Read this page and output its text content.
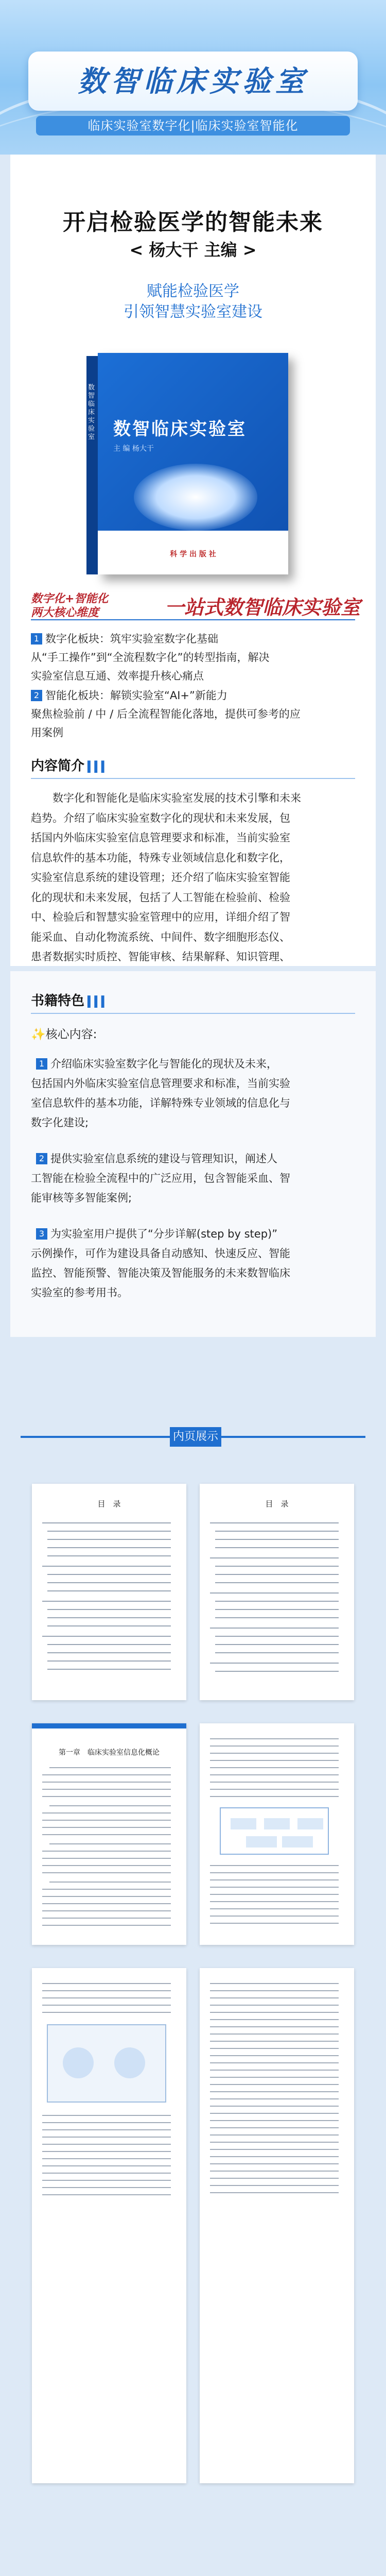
数智临床实验室
临床实验室数字化|临床实验室智能化
开启检验医学的智能未来
< 杨大干 主编 >
赋能检验医学
引领智慧实验室建设
数智临床实验室 数智临床实验室
主 编 杨大干
科 学 出 版 社
数字化+智能化
两大核心维度	一站式数智临床实验室
1 数字化板块：筑牢实验室数字化基础
从“手工操作”到“全流程数字化”的转型指南，解决
实验室信息互通、效率提升核心痛点
2 智能化板块：解锁实验室“AI+”新能力
聚焦检验前 / 中 / 后全流程智能化落地，提供可参考的应
用案例
内容简介 ▍▍▍
数字化和智能化是临床实验室发展的技术引擎和未来
趋势。介绍了临床实验室数字化的现状和未来发展，包
括国内外临床实验室信息管理要求和标准，当前实验室
信息软件的基本功能，特殊专业领域信息化和数字化，
实验室信息系统的建设管理；还介绍了临床实验室智能
化的现状和未来发展，包括了人工智能在检验前、检验
中、检验后和智慧实验室管理中的应用，详细介绍了智
能采血、自动化物流系统、中间件、数字细胞形态仪、
患者数据实时质控、智能审核、结果解释、知识管理、
书籍特色 ▍▍▍
✨核心内容:
1 介绍临床实验室数字化与智能化的现状及未来，
包括国内外临床实验室信息管理要求和标准，当前实验
室信息软件的基本功能，详解特殊专业领域的信息化与
数字化建设;
2 提供实验室信息系统的建设与管理知识，阐述人
工智能在检验全流程中的广泛应用，包含智能采血、智
能审核等多智能案例;
3 为实验室用户提供了“分步详解(step by step)”
示例操作，可作为建设具备自动感知、快速反应、智能
监控、智能预警、智能决策及智能服务的未来数智临床
实验室的参考用书。
内页展示
目　录	目　录
第一章　临床实验室信息化概论
